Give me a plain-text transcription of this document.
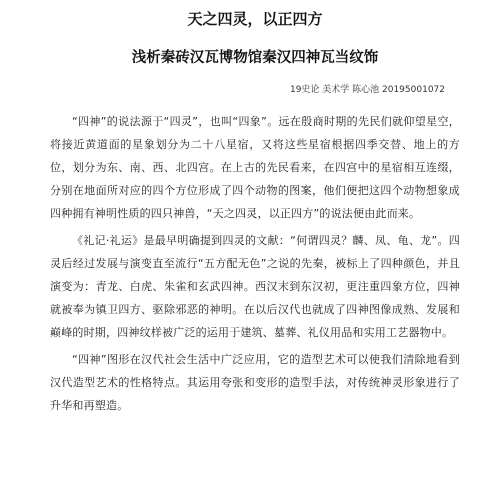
天之四灵，以正四方
浅析秦砖汉瓦博物馆秦汉四神瓦当纹饰

19史论 美术学 陈心池 20195001072

“四神”的说法源于“四灵”，也叫“四象”。远在殷商时期的先民们就仰望星空，将接近黄道面的星象划分为二十八星宿，又将这些星宿根据四季交替、地上的方位，划分为东、南、西、北四宫。在上古的先民看来，在四宫中的星宿相互连缀，分别在地面所对应的四个方位形成了四个动物的图案，他们便把这四个动物想象成四种拥有神明性质的四只神兽，“天之四灵，以正四方”的说法便由此而来。

《礼记·礼运》是最早明确提到四灵的文献：“何谓四灵？麟、凤、龟、龙”。四灵后经过发展与演变直至流行“五方配无色”之说的先秦，被标上了四种颜色，并且演变为：青龙、白虎、朱雀和玄武四神。西汉末到东汉初，更注重四象方位，四神就被奉为镇卫四方、驱除邪恶的神明。在以后汉代也就成了四神图像成熟、发展和巅峰的时期，四神纹样被广泛的运用于建筑、墓葬、礼仪用品和实用工艺器物中。

“四神”图形在汉代社会生活中广泛应用，它的造型艺术可以使我们清除地看到汉代造型艺术的性格特点。其运用夸张和变形的造型手法，对传统神灵形象进行了升华和再塑造。
